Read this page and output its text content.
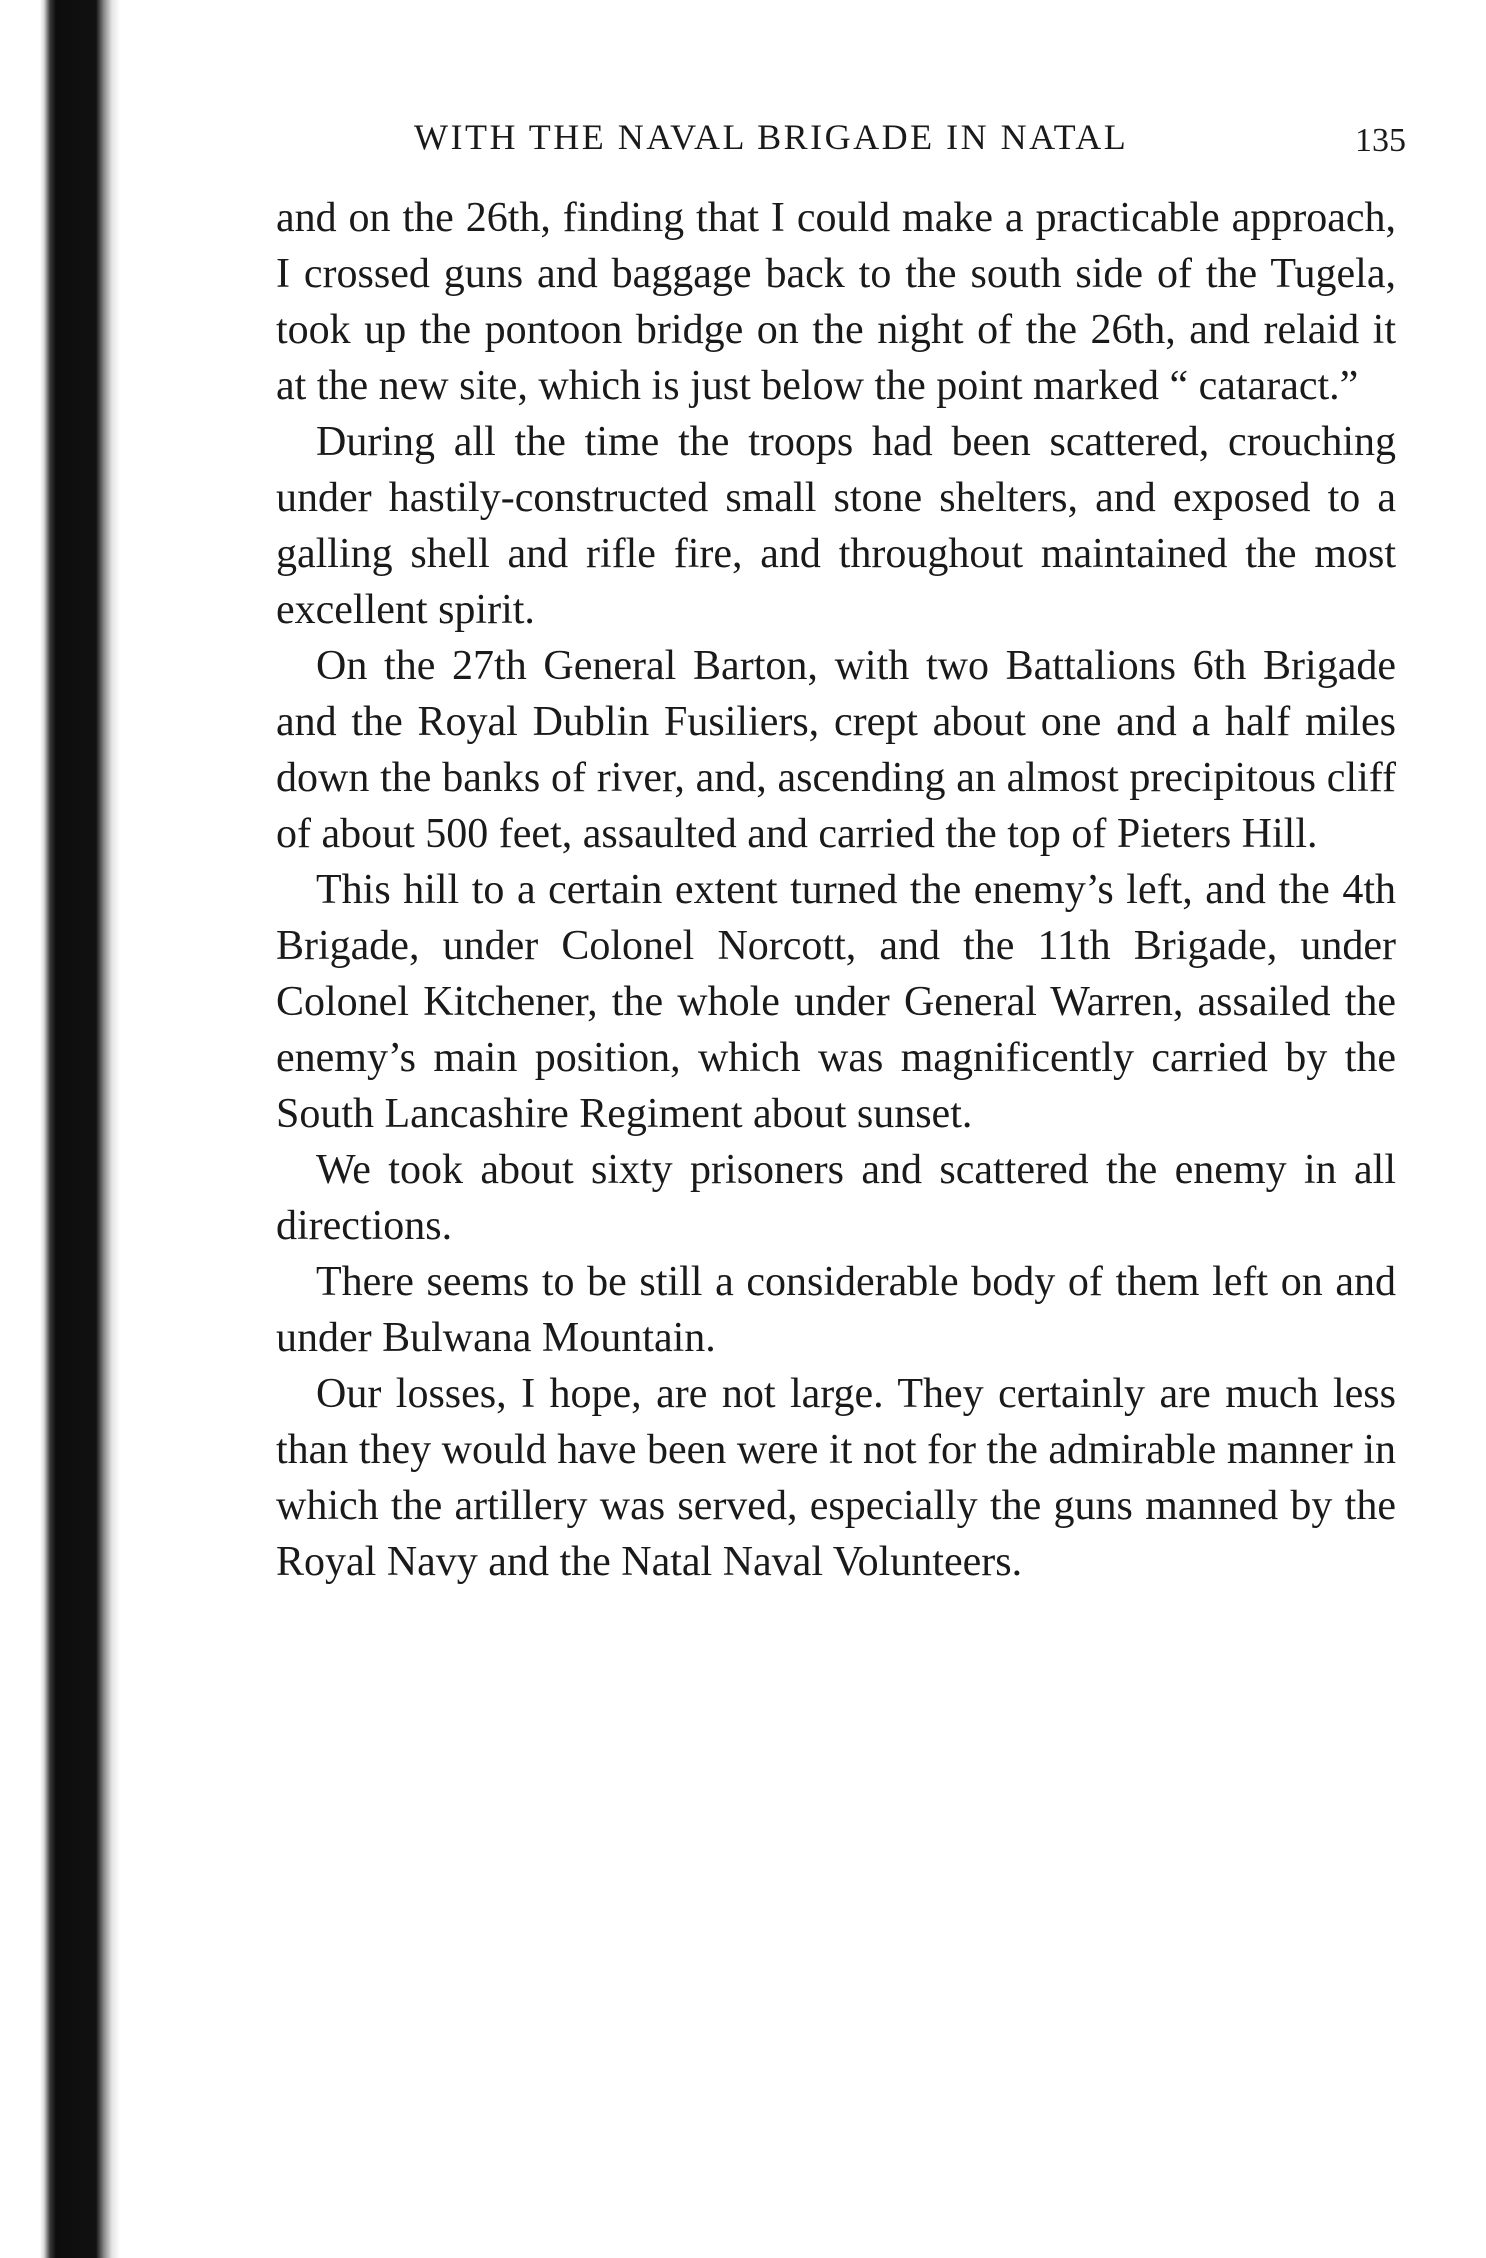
WITH THE NAVAL BRIGADE IN NATAL	135

and on the 26th, finding that I could make a practicable approach, I crossed guns and baggage back to the south side of the Tugela, took up the pontoon bridge on the night of the 26th, and relaid it at the new site, which is just below the point marked “ cataract.”

During all the time the troops had been scattered, crouching under hastily-constructed small stone shelters, and exposed to a galling shell and rifle fire, and throughout maintained the most excellent spirit.

On the 27th General Barton, with two Battalions 6th Brigade and the Royal Dublin Fusiliers, crept about one and a half miles down the banks of river, and, ascending an almost precipitous cliff of about 500 feet, assaulted and carried the top of Pieters Hill.

This hill to a certain extent turned the enemy’s left, and the 4th Brigade, under Colonel Norcott, and the 11th Brigade, under Colonel Kitchener, the whole under General Warren, assailed the enemy’s main position, which was magnificently carried by the South Lancashire Regiment about sunset.

We took about sixty prisoners and scattered the enemy in all directions.

There seems to be still a considerable body of them left on and under Bulwana Mountain.

Our losses, I hope, are not large. They certainly are much less than they would have been were it not for the admirable manner in which the artillery was served, especially the guns manned by the Royal Navy and the Natal Naval Volunteers.
